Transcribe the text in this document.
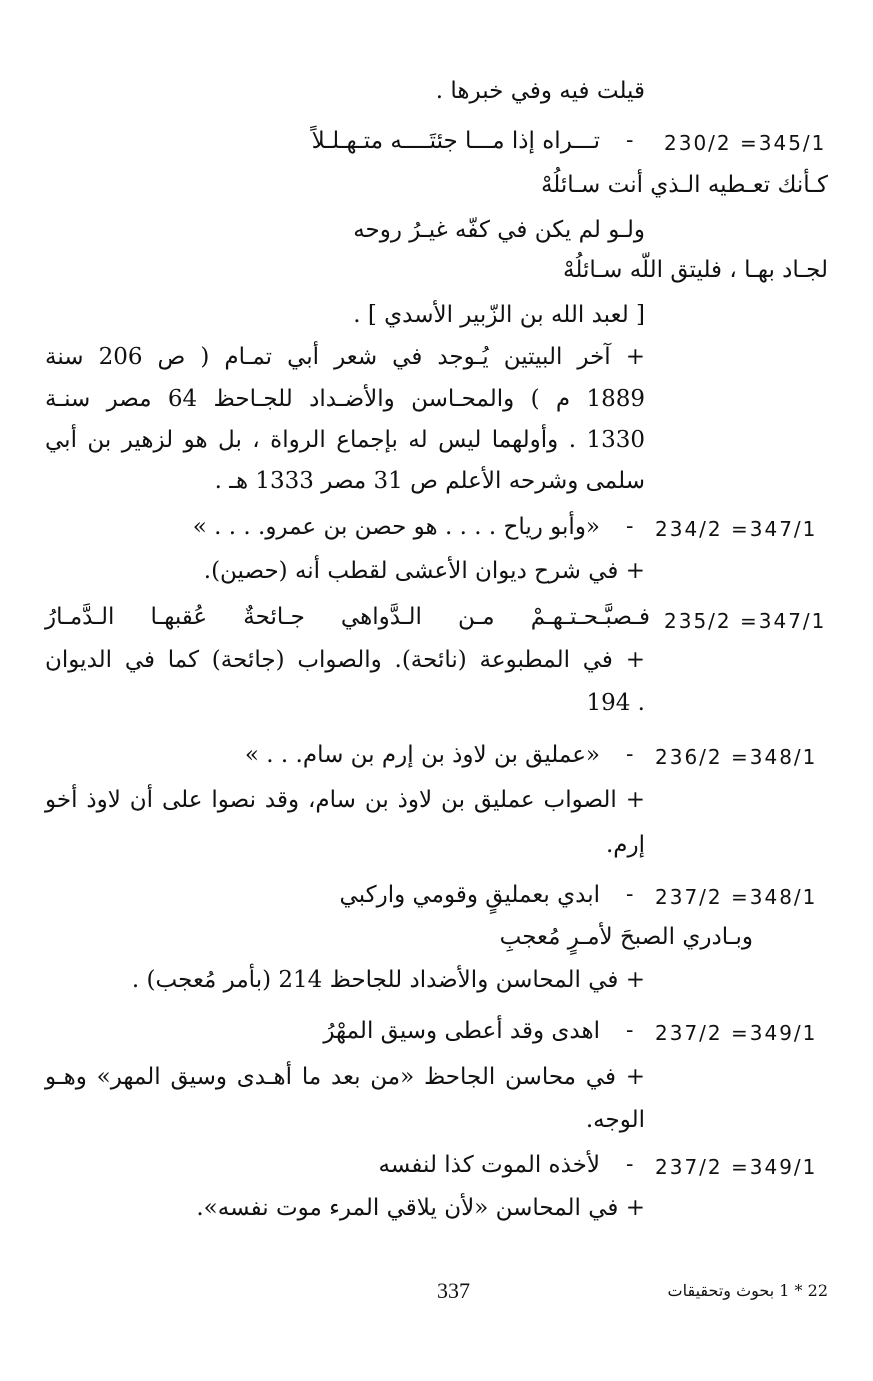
قيلت فيه وفي خبرها .
230/2 =345/1
-
تـــراه إذا مـــا جئتَــــه متـهـلـلاً
كـأنك تعـطيه الـذي أنت سـائلُهْ
ولـو لم يكن في كفّه غيـرُ روحه
لجـاد بهـا ، فليتق اللّه سـائلُهْ
[ لعبد الله بن الزّبير الأسدي ] .
+ آخر البيتين يُـوجد في شعر أبي تمـام ( ص 206 سنة
1889 م ) والمحـاسن والأضـداد للجـاحظ 64 مصر سنـة
1330 . وأولهما ليس له بإجماع الرواة ، بل هو لزهير بن أبي
سلمى وشرحه الأعلم ص 31 مصر 1333 هـ .
234/2 =347/1
-
«وأبو رياح . . . . هو حصن بن عمرو. . . . »
+ في شرح ديوان الأعشى لقطب أنه (حصين).
235/2 =347/1
فـصبَّـحـتـهـمْ مـن الـدَّواهي جـائحةٌ عُقبهـا الـدَّمـارُ
+ في المطبوعة (نائحة). والصواب (جائحة) كما في الديوان
194 .
236/2 =348/1
-
«عمليق بن لاوذ بن إرم بن سام. . . »
+ الصواب عمليق بن لاوذ بن سام، وقد نصوا على أن لاوذ أخو
إرم.
237/2 =348/1
-
ابدي بعمليقٍ وقومي واركبي
وبـادري الصبحَ لأمـرٍ مُعجبِ
+ في المحاسن والأضداد للجاحظ 214 (بأمر مُعجب) .
237/2 =349/1
-
اهدى وقد أعطى وسيق المهْرُ
+ في محاسن الجاحظ «من بعد ما أهـدى وسيق المهر» وهـو
الوجه.
237/2 =349/1
-
لأخذه الموت كذا لنفسه
+ في المحاسن «لأن يلاقي المرء موت نفسه».
337	22 * 1 بحوث وتحقيقات
